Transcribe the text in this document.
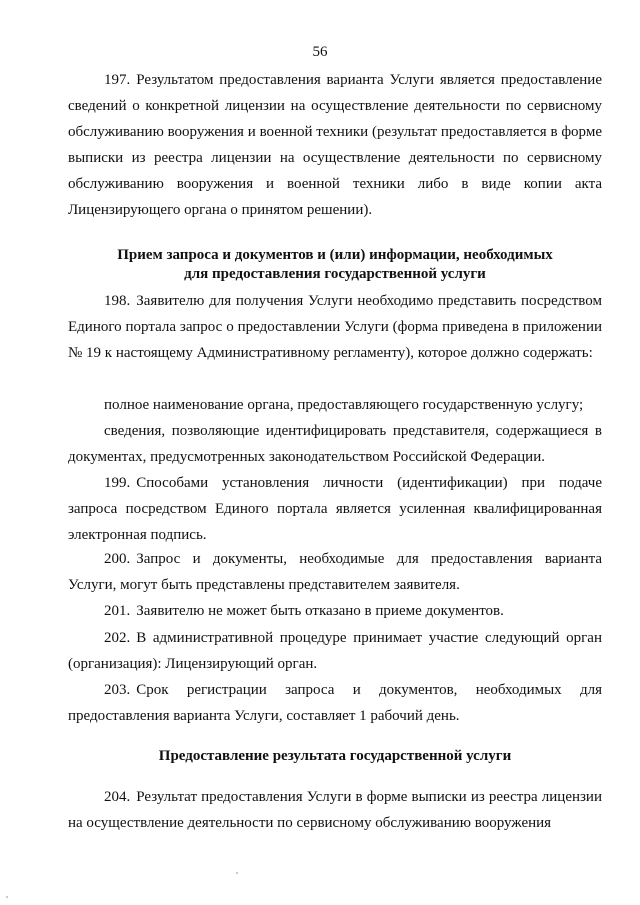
56
197. Результатом предоставления варианта Услуги является предоставление сведений о конкретной лицензии на осуществление деятельности по сервисному обслуживанию вооружения и военной техники (результат предоставляется в форме выписки из реестра лицензии на осуществление деятельности по сервисному обслуживанию вооружения и военной техники либо в виде копии акта Лицензирующего органа о принятом решении).
Прием запроса и документов и (или) информации, необходимых
для предоставления государственной услуги
198. Заявителю для получения Услуги необходимо представить посредством Единого портала запрос о предоставлении Услуги (форма приведена в приложении № 19 к настоящему Административному регламенту), которое должно содержать:
полное наименование органа, предоставляющего государственную услугу;
сведения, позволяющие идентифицировать представителя, содержащиеся в документах, предусмотренных законодательством Российской Федерации.
199. Способами установления личности (идентификации) при подаче запроса посредством Единого портала является усиленная квалифицированная электронная подпись.
200. Запрос и документы, необходимые для предоставления варианта Услуги, могут быть представлены представителем заявителя.
201. Заявителю не может быть отказано в приеме документов.
202. В административной процедуре принимает участие следующий орган (организация): Лицензирующий орган.
203. Срок регистрации запроса и документов, необходимых для предоставления варианта Услуги, составляет 1 рабочий день.
Предоставление результата государственной услуги
204. Результат предоставления Услуги в форме выписки из реестра лицензии на осуществление деятельности по сервисному обслуживанию вооружения
